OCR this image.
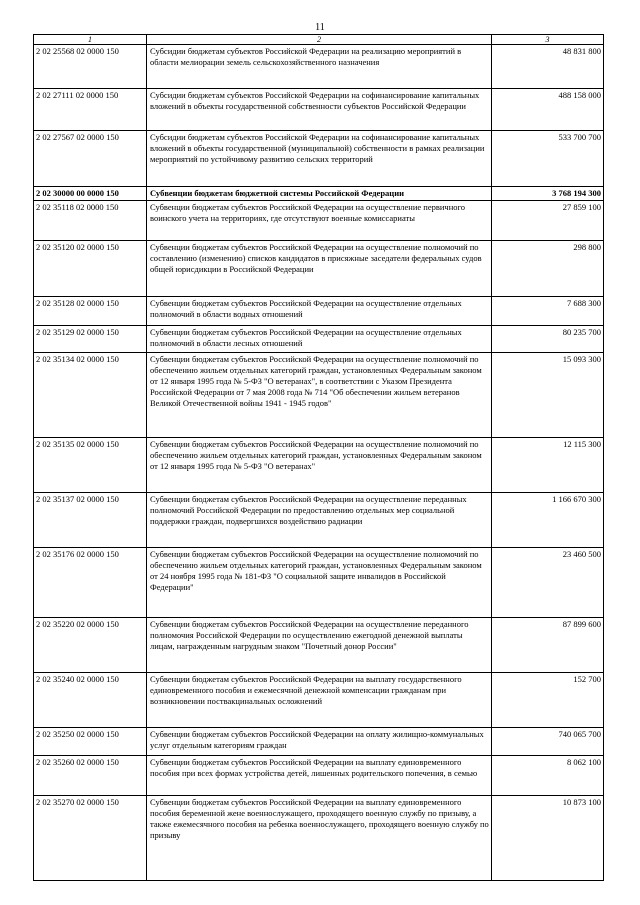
11
1	2	3
2 02 25568 02 0000 150	Субсидии бюджетам субъектов Российской Федерации на реализацию мероприятий в области мелиорации земель сельскохозяйственного назначения	48 831 800
2 02 27111 02 0000 150	Субсидии бюджетам субъектов Российской Федерации на софинансирование капитальных вложений в объекты государственной собственности субъектов Российской Федерации	488 158 000
2 02 27567 02 0000 150	Субсидии бюджетам субъектов Российской Федерации на софинансирование капитальных вложений в объекты государственной (муниципальной) собственности в рамках реализации мероприятий по устойчивому развитию сельских территорий	533 700 700
2 02 30000 00 0000 150	Субвенции бюджетам бюджетной системы Российской Федерации	3 768 194 300
2 02 35118 02 0000 150	Субвенции бюджетам субъектов Российской Федерации на осуществление первичного воинского учета на территориях, где отсутствуют военные комиссариаты	27 859 100
2 02 35120 02 0000 150	Субвенции бюджетам субъектов Российской Федерации на осуществление полномочий по составлению (изменению) списков кандидатов в присяжные заседатели федеральных судов общей юрисдикции в Российской Федерации	298 800
2 02 35128 02 0000 150	Субвенции бюджетам субъектов Российской Федерации на осуществление отдельных полномочий в области водных отношений	7 688 300
2 02 35129 02 0000 150	Субвенции бюджетам субъектов Российской Федерации на осуществление отдельных полномочий в области лесных отношений	80 235 700
2 02 35134 02 0000 150	Субвенции бюджетам субъектов Российской Федерации на осуществление полномочий по обеспечению жильем отдельных категорий граждан, установленных Федеральным законом от 12 января 1995 года № 5-ФЗ "О ветеранах", в соответствии с Указом Президента Российской Федерации от 7 мая 2008 года № 714 "Об обеспечении жильем ветеранов Великой Отечественной войны 1941 - 1945 годов"	15 093 300
2 02 35135 02 0000 150	Субвенции бюджетам субъектов Российской Федерации на осуществление полномочий по обеспечению жильем отдельных категорий граждан, установленных Федеральным законом от 12 января 1995 года № 5-ФЗ "О ветеранах"	12 115 300
2 02 35137 02 0000 150	Субвенции бюджетам субъектов Российской Федерации на осуществление переданных полномочий Российской Федерации по предоставлению отдельных мер социальной поддержки граждан, подвергшихся воздействию радиации	1 166 670 300
2 02 35176 02 0000 150	Субвенции бюджетам субъектов Российской Федерации на осуществление полномочий по обеспечению жильем отдельных категорий граждан, установленных Федеральным законом от 24 ноября 1995 года № 181-ФЗ "О социальной защите инвалидов в Российской Федерации"	23 460 500
2 02 35220 02 0000 150	Субвенции бюджетам субъектов Российской Федерации на осуществление переданного полномочия Российской Федерации по осуществлению ежегодной денежной выплаты лицам, награжденным нагрудным знаком "Почетный донор России"	87 899 600
2 02 35240 02 0000 150	Субвенции бюджетам субъектов Российской Федерации на выплату государственного единовременного пособия и ежемесячной денежной компенсации гражданам при возникновении поствакцинальных осложнений	152 700
2 02 35250 02 0000 150	Субвенции бюджетам субъектов Российской Федерации на оплату жилищно-коммунальных услуг отдельным категориям граждан	740 065 700
2 02 35260 02 0000 150	Субвенции бюджетам субъектов Российской Федерации на выплату единовременного пособия при всех формах устройства детей, лишенных родительского попечения, в семью	8 062 100
2 02 35270 02 0000 150	Субвенции бюджетам субъектов Российской Федерации на выплату единовременного пособия беременной жене военнослужащего, проходящего военную службу по призыву, а также ежемесячного пособия на ребенка военнослужащего, проходящего военную службу по призыву	10 873 100
